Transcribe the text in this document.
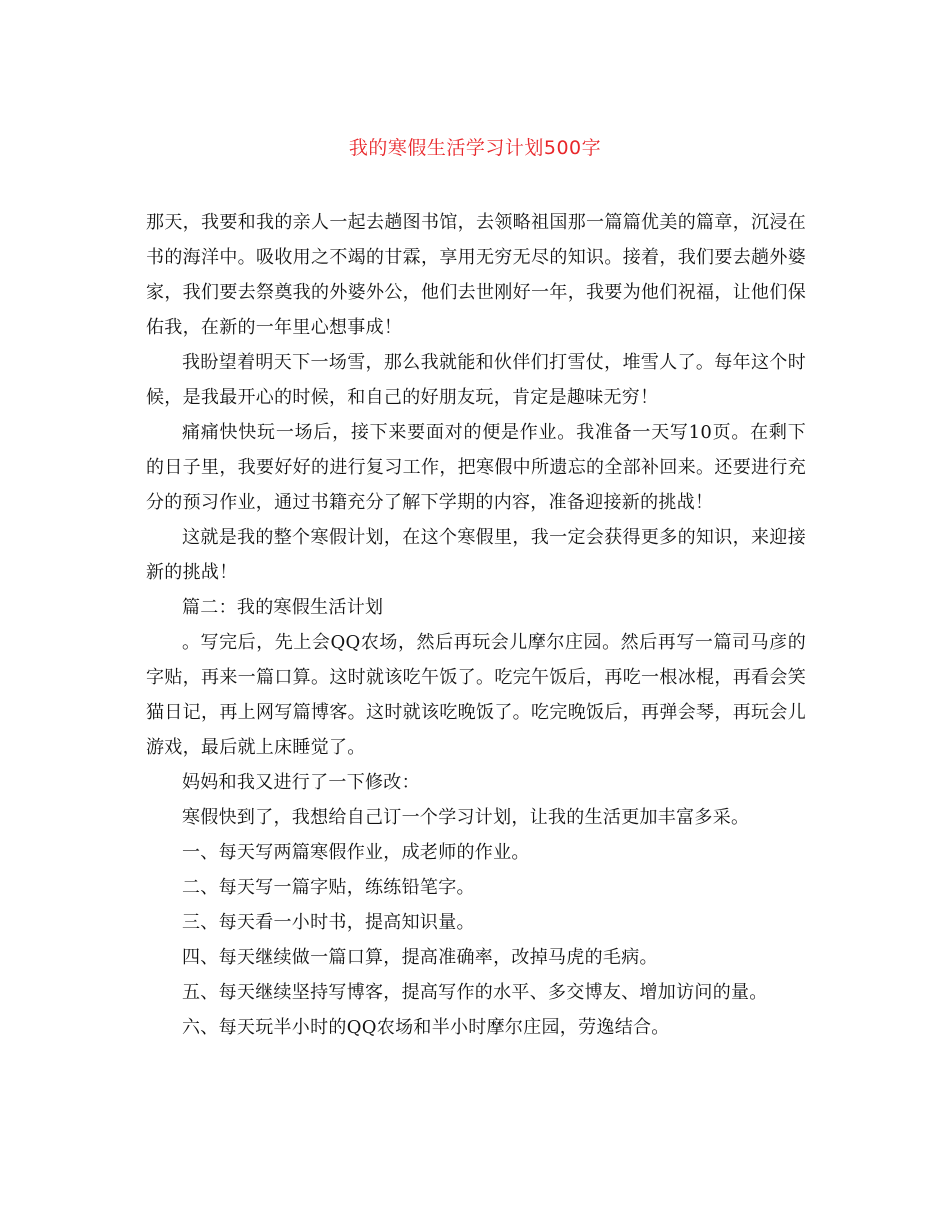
我的寒假生活学习计划500字

那天，我要和我的亲人一起去趟图书馆，去领略祖国那一篇篇优美的篇章，沉浸在书的海洋中。吸收用之不竭的甘霖，享用无穷无尽的知识。接着，我们要去趟外婆家，我们要去祭奠我的外婆外公，他们去世刚好一年，我要为他们祝福，让他们保佑我，在新的一年里心想事成！

我盼望着明天下一场雪，那么我就能和伙伴们打雪仗，堆雪人了。每年这个时候，是我最开心的时候，和自己的好朋友玩，肯定是趣味无穷！

痛痛快快玩一场后，接下来要面对的便是作业。我准备一天写10页。在剩下的日子里，我要好好的进行复习工作，把寒假中所遗忘的全部补回来。还要进行充分的预习作业，通过书籍充分了解下学期的内容，准备迎接新的挑战！

这就是我的整个寒假计划，在这个寒假里，我一定会获得更多的知识，来迎接新的挑战！

篇二：我的寒假生活计划

。写完后，先上会QQ农场，然后再玩会儿摩尔庄园。然后再写一篇司马彦的字贴，再来一篇口算。这时就该吃午饭了。吃完午饭后，再吃一根冰棍，再看会笑猫日记，再上网写篇博客。这时就该吃晚饭了。吃完晚饭后，再弹会琴，再玩会儿游戏，最后就上床睡觉了。

妈妈和我又进行了一下修改：

寒假快到了，我想给自己订一个学习计划，让我的生活更加丰富多采。

一、每天写两篇寒假作业，成老师的作业。

二、每天写一篇字贴，练练铅笔字。

三、每天看一小时书，提高知识量。

四、每天继续做一篇口算，提高准确率，改掉马虎的毛病。

五、每天继续坚持写博客，提高写作的水平、多交博友、增加访问的量。

六、每天玩半小时的QQ农场和半小时摩尔庄园，劳逸结合。
